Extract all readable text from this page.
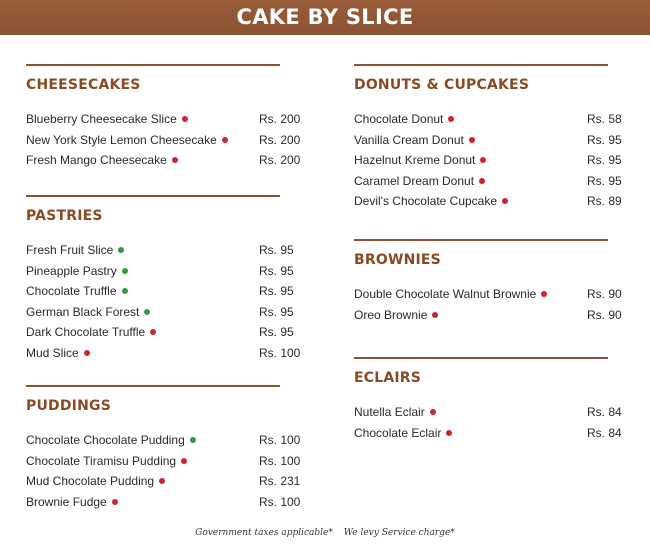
CAKE BY SLICE
CHEESECAKES
Blueberry Cheesecake Slice	Rs. 200
New York Style Lemon Cheesecake	Rs. 200
Fresh Mango Cheesecake	Rs. 200
PASTRIES
Fresh Fruit Slice	Rs. 95
Pineapple Pastry	Rs. 95
Chocolate Truffle	Rs. 95
German Black Forest	Rs. 95
Dark Chocolate Truffle	Rs. 95
Mud Slice	Rs. 100
PUDDINGS
Chocolate Chocolate Pudding	Rs. 100
Chocolate Tiramisu Pudding	Rs. 100
Mud Chocolate Pudding	Rs. 231
Brownie Fudge	Rs. 100
DONUTS & CUPCAKES
Chocolate Donut	Rs. 58
Vanilla Cream Donut	Rs. 95
Hazelnut Kreme Donut	Rs. 95
Caramel Dream Donut	Rs. 95
Devil's Chocolate Cupcake	Rs. 89
BROWNIES
Double Chocolate Walnut Brownie	Rs. 90
Oreo Brownie	Rs. 90
ECLAIRS
Nutella Eclair	Rs. 84
Chocolate Eclair	Rs. 84
Government taxes applicable* We levy Service charge*
